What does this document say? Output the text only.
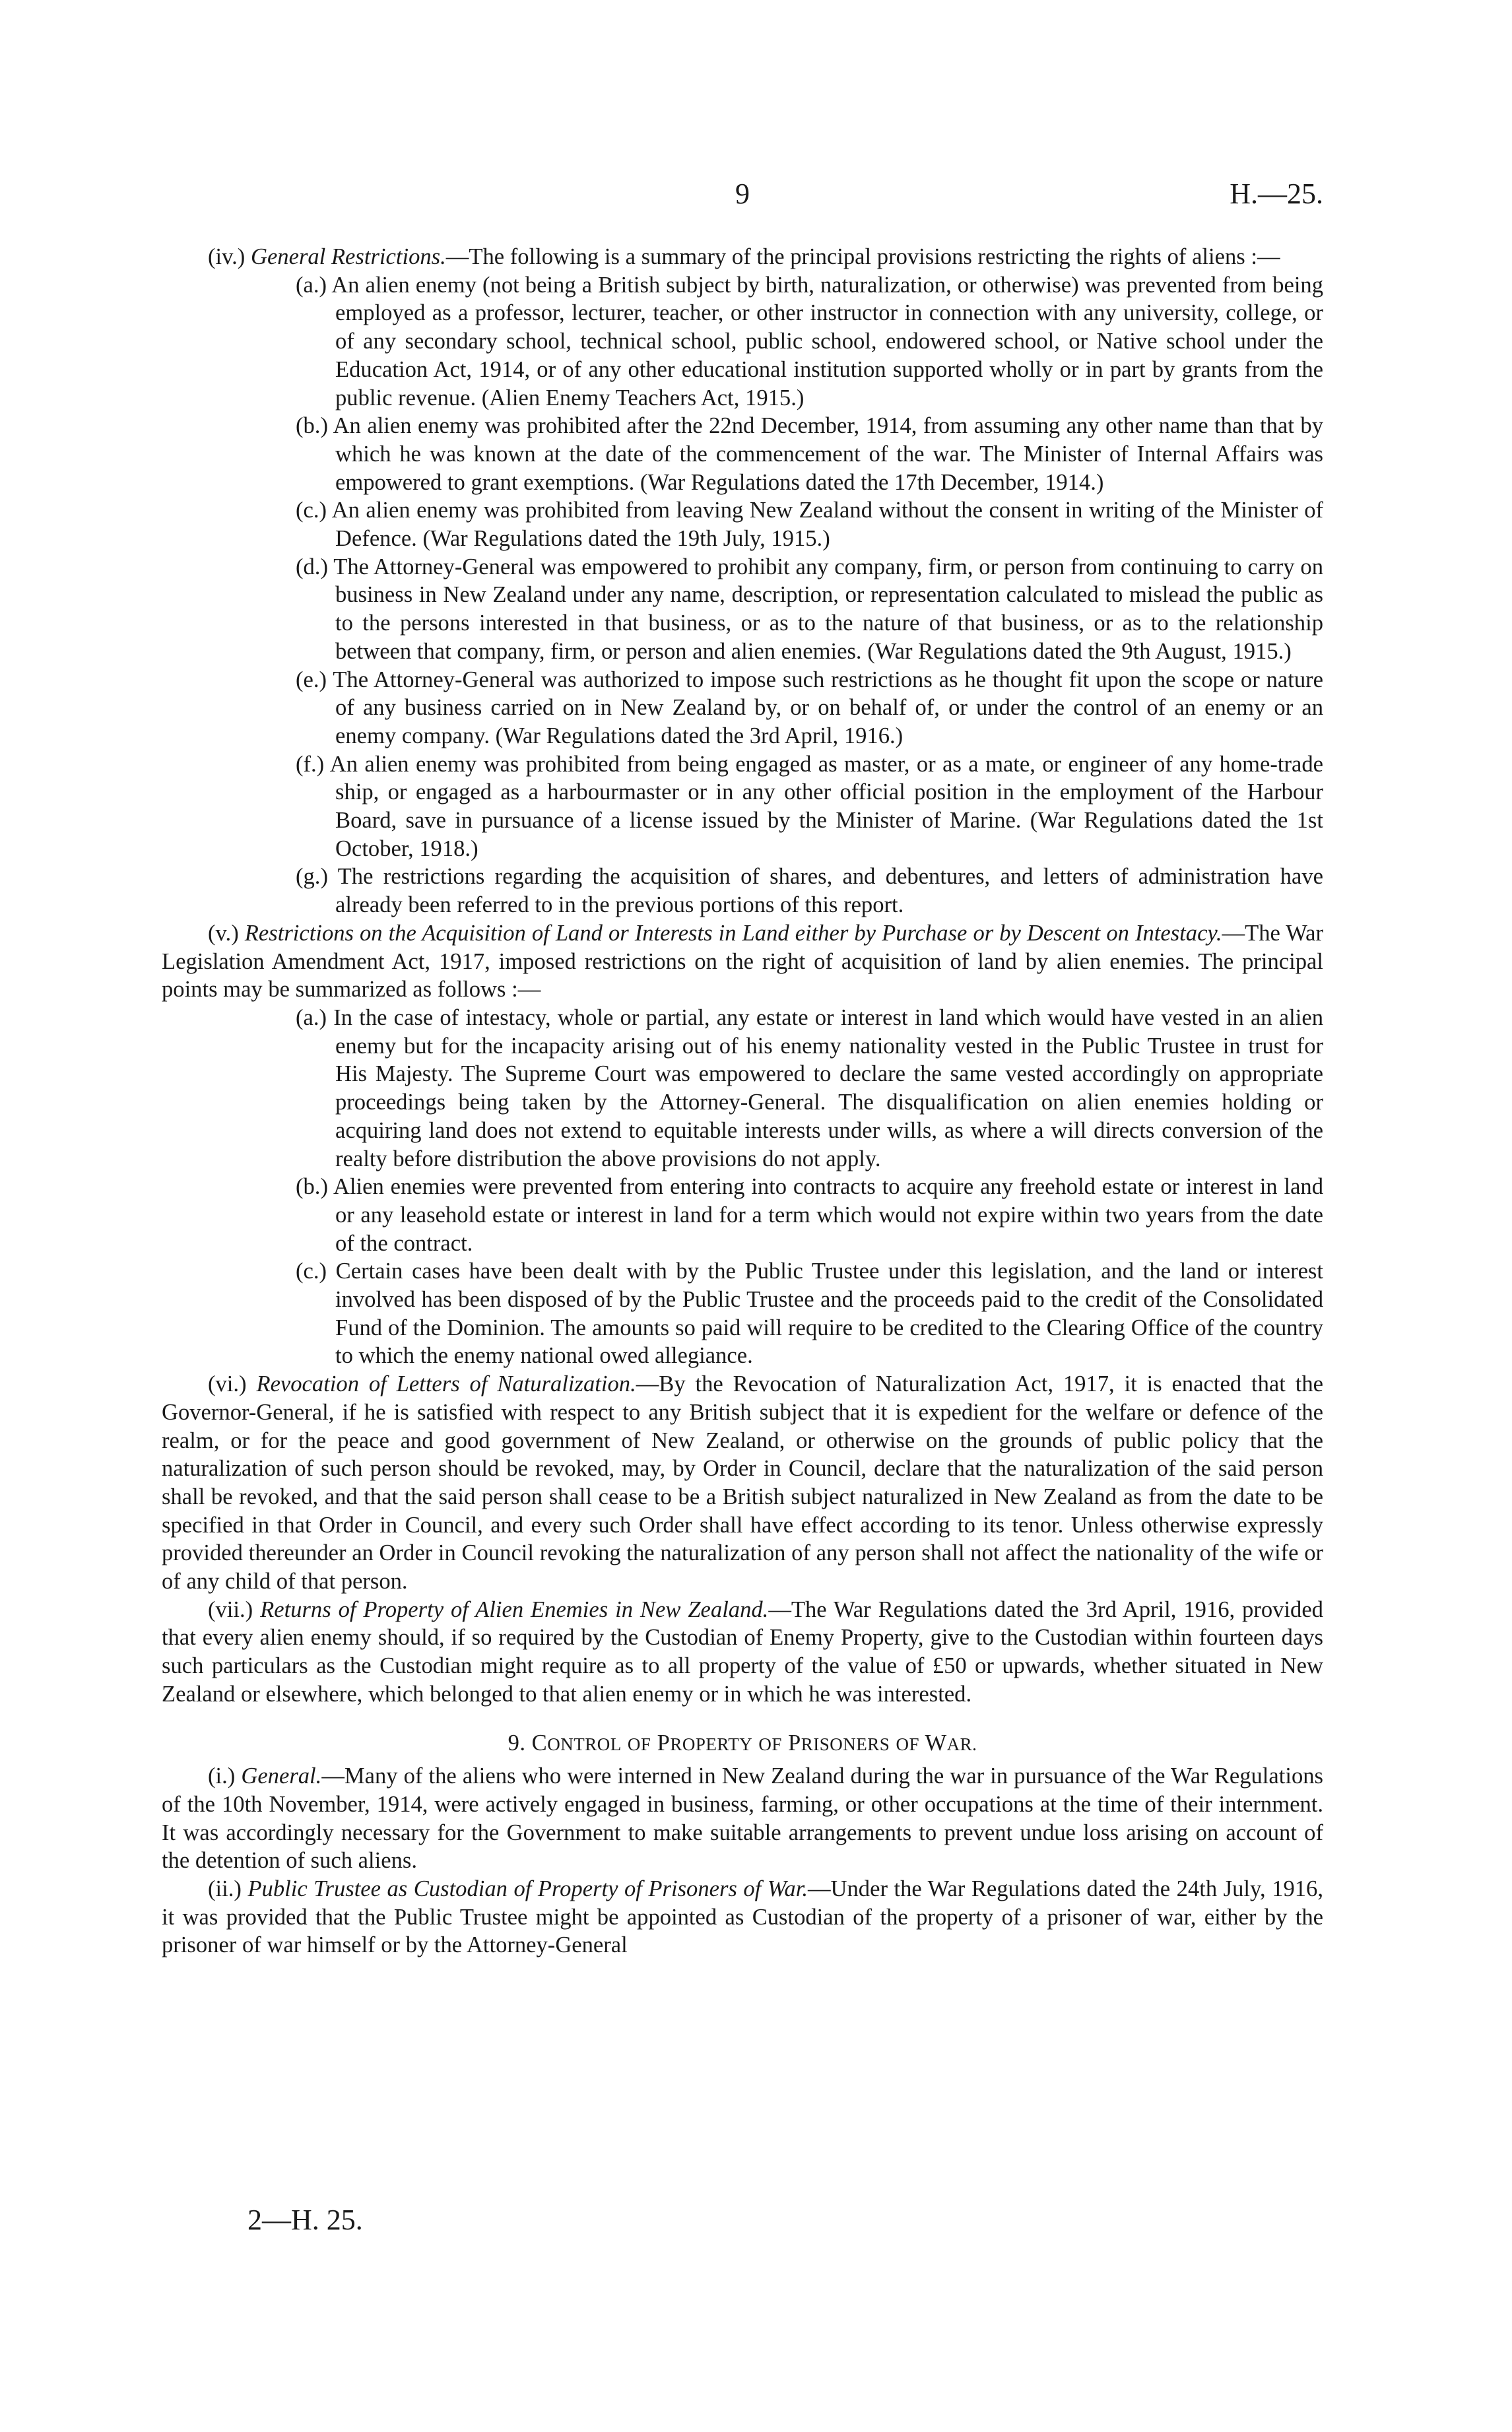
9	H.—25.

(iv.) General Restrictions.—The following is a summary of the principal provisions restricting the rights of aliens :—

(a.) An alien enemy (not being a British subject by birth, naturalization, or otherwise) was prevented from being employed as a professor, lecturer, teacher, or other instructor in connection with any university, college, or of any secondary school, technical school, public school, endowered school, or Native school under the Education Act, 1914, or of any other educational institution supported wholly or in part by grants from the public revenue. (Alien Enemy Teachers Act, 1915.)

(b.) An alien enemy was prohibited after the 22nd December, 1914, from assuming any other name than that by which he was known at the date of the commencement of the war. The Minister of Internal Affairs was empowered to grant exemptions. (War Regulations dated the 17th December, 1914.)

(c.) An alien enemy was prohibited from leaving New Zealand without the consent in writing of the Minister of Defence. (War Regulations dated the 19th July, 1915.)

(d.) The Attorney-General was empowered to prohibit any company, firm, or person from continuing to carry on business in New Zealand under any name, description, or representation calculated to mislead the public as to the persons interested in that business, or as to the nature of that business, or as to the relationship between that company, firm, or person and alien enemies. (War Regulations dated the 9th August, 1915.)

(e.) The Attorney-General was authorized to impose such restrictions as he thought fit upon the scope or nature of any business carried on in New Zealand by, or on behalf of, or under the control of an enemy or an enemy company. (War Regulations dated the 3rd April, 1916.)

(f.) An alien enemy was prohibited from being engaged as master, or as a mate, or engineer of any home-trade ship, or engaged as a harbourmaster or in any other official position in the employment of the Harbour Board, save in pursuance of a license issued by the Minister of Marine. (War Regulations dated the 1st October, 1918.)

(g.) The restrictions regarding the acquisition of shares, and debentures, and letters of administration have already been referred to in the previous portions of this report.

(v.) Restrictions on the Acquisition of Land or Interests in Land either by Purchase or by Descent on Intestacy.—The War Legislation Amendment Act, 1917, imposed restrictions on the right of acquisition of land by alien enemies. The principal points may be summarized as follows :—

(a.) In the case of intestacy, whole or partial, any estate or interest in land which would have vested in an alien enemy but for the incapacity arising out of his enemy nationality vested in the Public Trustee in trust for His Majesty. The Supreme Court was empowered to declare the same vested accordingly on appropriate proceedings being taken by the Attorney-General. The disqualification on alien enemies holding or acquiring land does not extend to equitable interests under wills, as where a will directs conversion of the realty before distribution the above provisions do not apply.

(b.) Alien enemies were prevented from entering into contracts to acquire any freehold estate or interest in land or any leasehold estate or interest in land for a term which would not expire within two years from the date of the contract.

(c.) Certain cases have been dealt with by the Public Trustee under this legislation, and the land or interest involved has been disposed of by the Public Trustee and the proceeds paid to the credit of the Consolidated Fund of the Dominion. The amounts so paid will require to be credited to the Clearing Office of the country to which the enemy national owed allegiance.

(vi.) Revocation of Letters of Naturalization.—By the Revocation of Naturalization Act, 1917, it is enacted that the Governor-General, if he is satisfied with respect to any British subject that it is expedient for the welfare or defence of the realm, or for the peace and good government of New Zealand, or otherwise on the grounds of public policy that the naturalization of such person should be revoked, may, by Order in Council, declare that the naturalization of the said person shall be revoked, and that the said person shall cease to be a British subject naturalized in New Zealand as from the date to be specified in that Order in Council, and every such Order shall have effect according to its tenor. Unless otherwise expressly provided thereunder an Order in Council revoking the naturalization of any person shall not affect the nationality of the wife or of any child of that person.

(vii.) Returns of Property of Alien Enemies in New Zealand.—The War Regulations dated the 3rd April, 1916, provided that every alien enemy should, if so required by the Custodian of Enemy Property, give to the Custodian within fourteen days such particulars as the Custodian might require as to all property of the value of £50 or upwards, whether situated in New Zealand or elsewhere, which belonged to that alien enemy or in which he was interested.

9. CONTROL OF PROPERTY OF PRISONERS OF WAR.

(i.) General.—Many of the aliens who were interned in New Zealand during the war in pursuance of the War Regulations of the 10th November, 1914, were actively engaged in business, farming, or other occupations at the time of their internment. It was accordingly necessary for the Government to make suitable arrangements to prevent undue loss arising on account of the detention of such aliens.

(ii.) Public Trustee as Custodian of Property of Prisoners of War.—Under the War Regulations dated the 24th July, 1916, it was provided that the Public Trustee might be appointed as Custodian of the property of a prisoner of war, either by the prisoner of war himself or by the Attorney-General

2—H. 25.
